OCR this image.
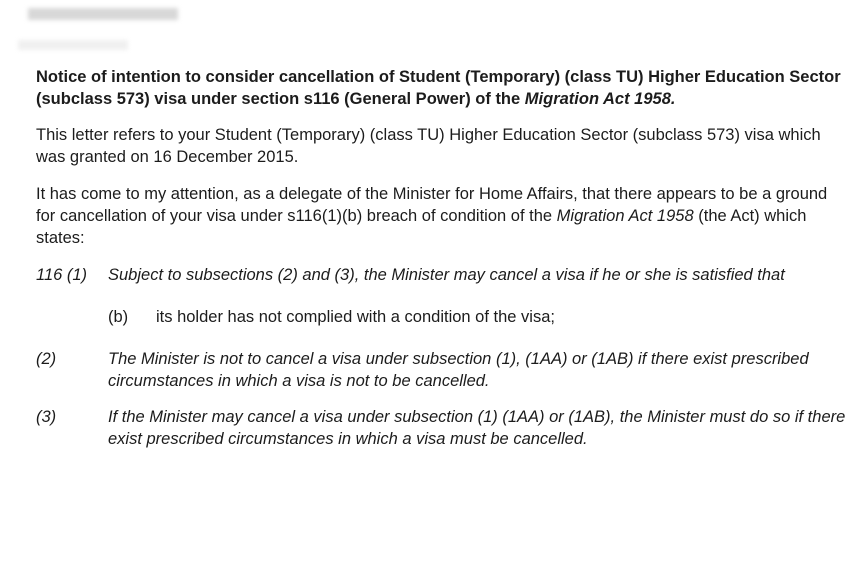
Notice of intention to consider cancellation of Student (Temporary) (class TU) Higher Education Sector (subclass 573) visa under section s116 (General Power) of the Migration Act 1958.

This letter refers to your Student (Temporary) (class TU) Higher Education Sector (subclass 573) visa which was granted on 16 December 2015.

It has come to my attention, as a delegate of the Minister for Home Affairs, that there appears to be a ground for cancellation of your visa under s116(1)(b) breach of condition of the Migration Act 1958 (the Act) which states:

116 (1)	Subject to subsections (2) and (3), the Minister may cancel a visa if he or she is satisfied that
(b)	its holder has not complied with a condition of the visa;
(2)	The Minister is not to cancel a visa under subsection (1), (1AA) or (1AB) if there exist prescribed circumstances in which a visa is not to be cancelled.
(3)	If the Minister may cancel a visa under subsection (1) (1AA) or (1AB), the Minister must do so if there exist prescribed circumstances in which a visa must be cancelled.
